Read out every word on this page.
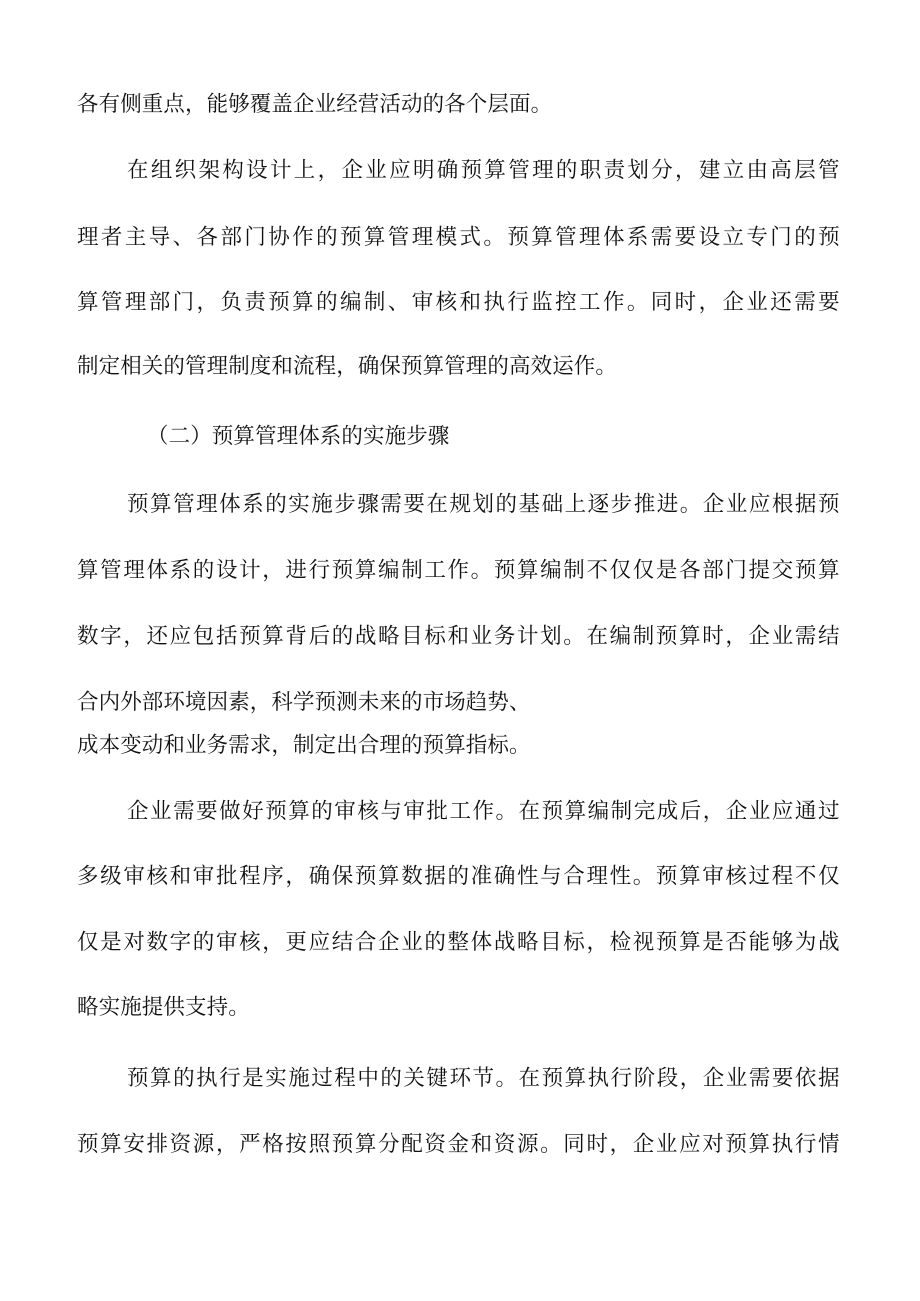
各有侧重点，能够覆盖企业经营活动的各个层面。
在 组 织 架 构 设 计 上 ， 企 业 应 明 确 预 算 管 理 的 职 责 划 分 ， 建 立 由 高 层 管
理 者 主 导 、 各 部 门 协 作 的 预 算 管 理 模 式 。 预 算 管 理 体 系 需 要 设 立 专 门 的 预
算 管 理 部 门 ， 负 责 预 算 的 编 制 、 审 核 和 执 行 监 控 工 作 。 同 时 ， 企 业 还 需 要
制定相关的管理制度和流程，确保预算管理的高效运作。
（二）预算管理体系的实施步骤
预 算 管 理 体 系 的 实 施 步 骤 需 要 在 规 划 的 基 础 上 逐 步 推 进 。 企 业 应 根 据 预
算 管 理 体 系 的 设 计 ， 进 行 预 算 编 制 工 作 。 预 算 编 制 不 仅 仅 是 各 部 门 提 交 预 算
数 字 ， 还 应 包 括 预 算 背 后 的 战 略 目 标 和 业 务 计 划 。 在 编 制 预 算 时 ， 企 业 需 结
合内外部环境因素，科学预测未来的市场趋势、
成本变动和业务需求，制定出合理的预算指标。
企 业 需 要 做 好 预 算 的 审 核 与 审 批 工 作 。 在 预 算 编 制 完 成 后 ， 企 业 应 通 过
多 级 审 核 和 审 批 程 序 ， 确 保 预 算 数 据 的 准 确 性 与 合 理 性 。 预 算 审 核 过 程 不 仅
仅 是 对 数 字 的 审 核 ， 更 应 结 合 企 业 的 整 体 战 略 目 标 ， 检 视 预 算 是 否 能 够 为 战
略实施提供支持。
预 算 的 执 行 是 实 施 过 程 中 的 关 键 环 节 。 在 预 算 执 行 阶 段 ， 企 业 需 要 依 据
预 算 安 排 资 源 ， 严 格 按 照 预 算 分 配 资 金 和 资 源 。 同 时 ， 企 业 应 对 预 算 执 行 情
